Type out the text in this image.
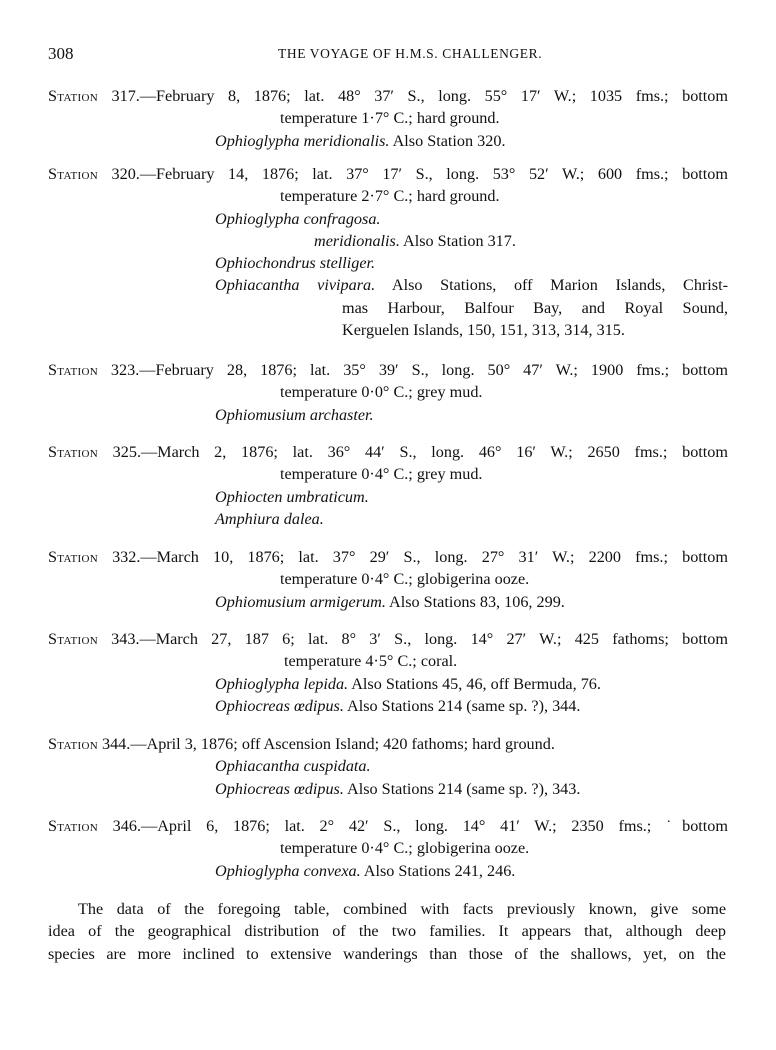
308	THE VOYAGE OF H.M.S. CHALLENGER.
Station 317.—February 8, 1876; lat. 48° 37′ S., long. 55° 17′ W.; 1035 fms.; bottom
temperature 1·7° C.; hard ground.
Ophioglypha meridionalis. Also Station 320.
Station 320.—February 14, 1876; lat. 37° 17′ S., long. 53° 52′ W.; 600 fms.; bottom
temperature 2·7° C.; hard ground.
Ophioglypha confragosa.
meridionalis. Also Station 317.
Ophiochondrus stelliger.
Ophiacantha vivipara. Also Stations, off Marion Islands, Christ-
mas Harbour, Balfour Bay, and Royal Sound,
Kerguelen Islands, 150, 151, 313, 314, 315.
Station 323.—February 28, 1876; lat. 35° 39′ S., long. 50° 47′ W.; 1900 fms.; bottom
temperature 0·0° C.; grey mud.
Ophiomusium archaster.
Station 325.—March 2, 1876; lat. 36° 44′ S., long. 46° 16′ W.; 2650 fms.; bottom
temperature 0·4° C.; grey mud.
Ophiocten umbraticum.
Amphiura dalea.
Station 332.—March 10, 1876; lat. 37° 29′ S., long. 27° 31′ W.; 2200 fms.; bottom
temperature 0·4° C.; globigerina ooze.
Ophiomusium armigerum. Also Stations 83, 106, 299.
Station 343.—March 27, 187 6; lat. 8° 3′ S., long. 14° 27′ W.; 425 fathoms; bottom
temperature 4·5° C.; coral.
Ophioglypha lepida. Also Stations 45, 46, off Bermuda, 76.
Ophiocreas œdipus. Also Stations 214 (same sp. ?), 344.
Station 344.—April 3, 1876; off Ascension Island; 420 fathoms; hard ground.
Ophiacantha cuspidata.
Ophiocreas œdipus. Also Stations 214 (same sp. ?), 343.
Station 346.—April 6, 1876; lat. 2° 42′ S., long. 14° 41′ W.; 2350 fms.; ˙bottom
temperature 0·4° C.; globigerina ooze.
Ophioglypha convexa. Also Stations 241, 246.
The data of the foregoing table, combined with facts previously known, give some
idea of the geographical distribution of the two families. It appears that, although deep
species are more inclined to extensive wanderings than those of the shallows, yet, on the
